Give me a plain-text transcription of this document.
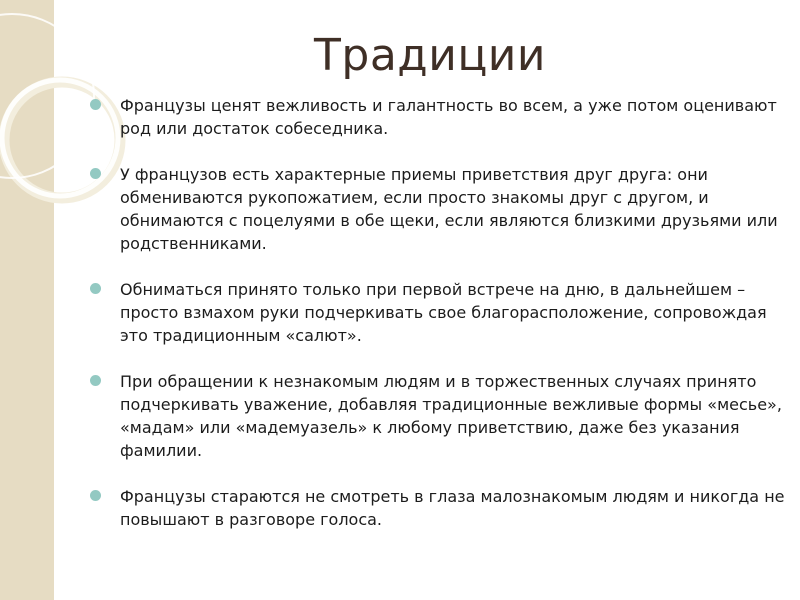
Традиции
Французы ценят вежливость и галантность во всем, а уже потом оценивают род или достаток собеседника.
У французов есть характерные приемы приветствия друг друга: они обмениваются рукопожатием, если просто знакомы друг с другом, и обнимаются с поцелуями в обе щеки, если являются близкими друзьями или родственниками.
Обниматься принято только при первой встрече на дню, в дальнейшем – просто взмахом руки подчеркивать свое благорасположение, сопровождая это традиционным «салют».
При обращении к незнакомым людям и в торжественных случаях принято подчеркивать уважение, добавляя традиционные вежливые формы «месье», «мадам» или «мадемуазель» к любому приветствию, даже без указания фамилии.
Французы стараются не смотреть в глаза малознакомым людям и никогда не повышают в разговоре голоса.
